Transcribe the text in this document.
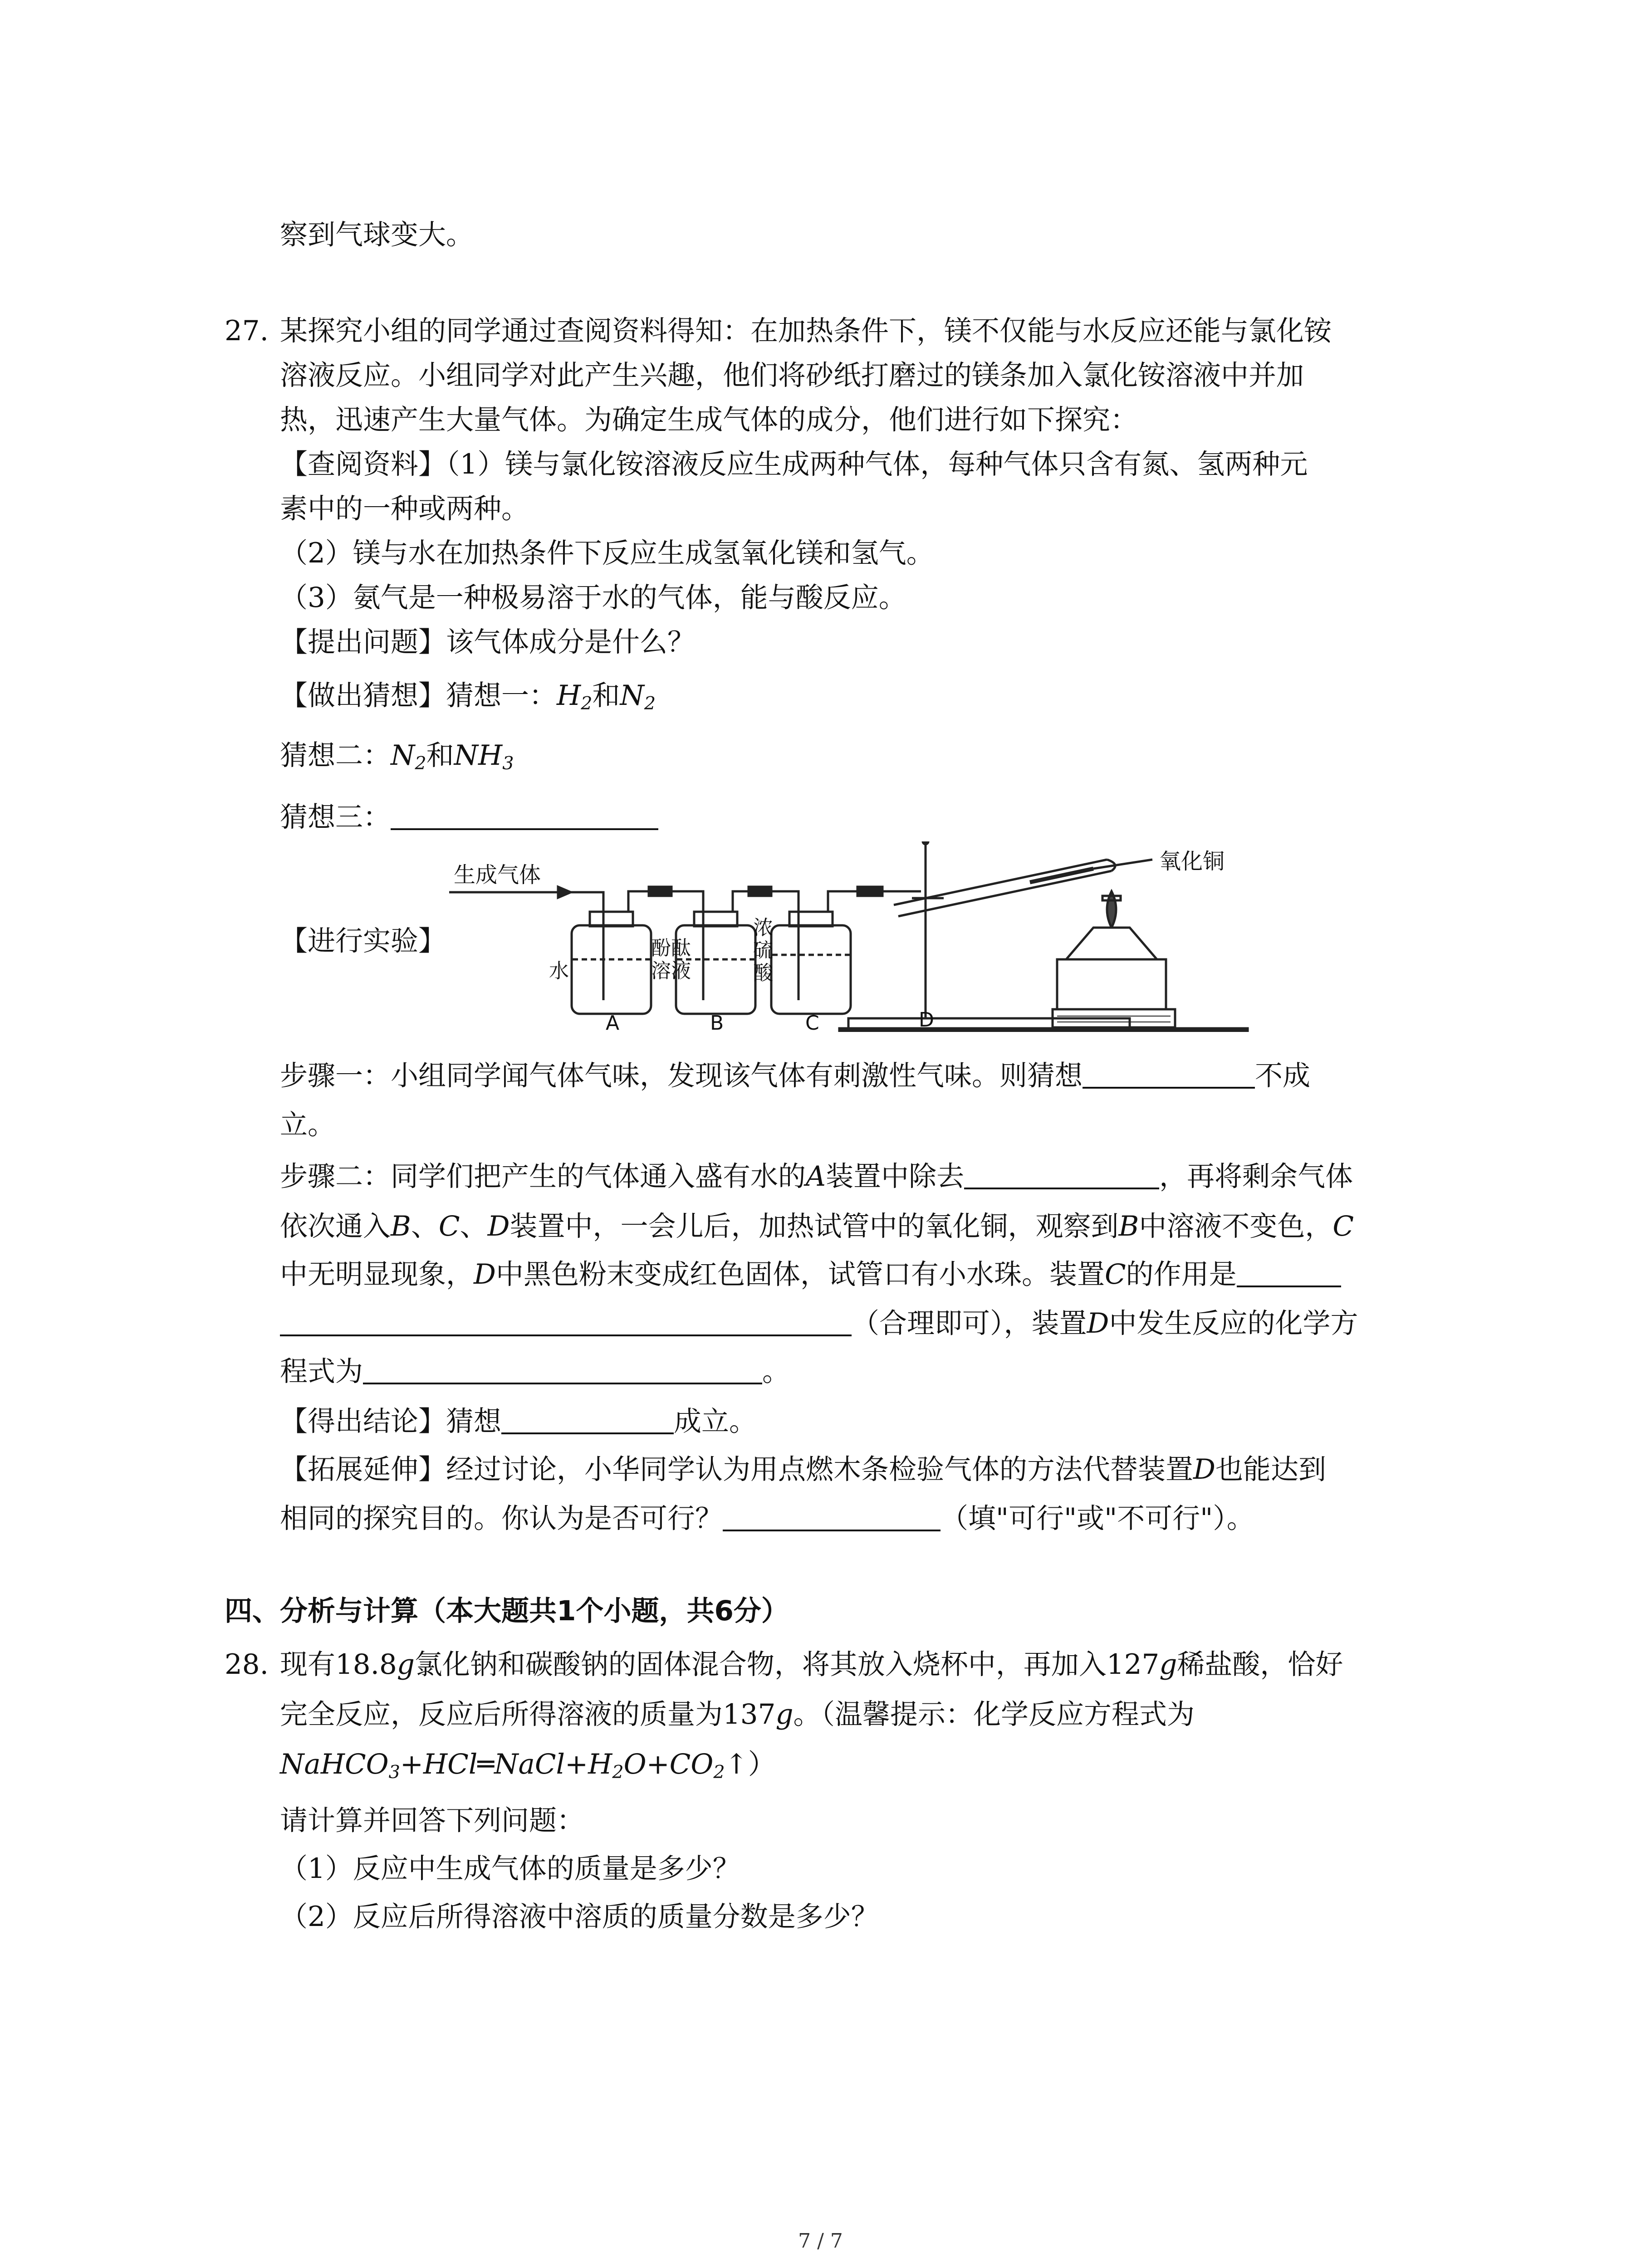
察到气球变大。
27. 某探究小组的同学通过查阅资料得知：在加热条件下，镁不仅能与水反应还能与氯化铵
溶液反应。小组同学对此产生兴趣，他们将砂纸打磨过的镁条加入氯化铵溶液中并加
热，迅速产生大量气体。为确定生成气体的成分，他们进行如下探究：
【查阅资料】（1）镁与氯化铵溶液反应生成两种气体，每种气体只含有氮、氢两种元
素中的一种或两种。
（2）镁与水在加热条件下反应生成氢氧化镁和氢气。
（3）氨气是一种极易溶于水的气体，能与酸反应。
【提出问题】该气体成分是什么？
【做出猜想】猜想一：$H_2$和$N_2$
猜想二：$N_2$和$NH_3$
猜想三：
【进行实验】
生成气体
氧化铜
水
酚酞
溶液
浓
硫
酸
A	B	C	D
步骤一：小组同学闻气体气味，发现该气体有刺激性气味。则猜想	不成
立。
步骤二：同学们把产生的气体通入盛有水的A装置中除去	，再将剩余气体
依次通入B、C、D装置中，一会儿后，加热试管中的氧化铜，观察到B中溶液不变色，C
中无明显现象，D中黑色粉末变成红色固体，试管口有小水珠。装置C的作用是
（合理即可），装置D中发生反应的化学方
程式为	。
【得出结论】猜想	成立。
【拓展延伸】经过讨论，小华同学认为用点燃木条检验气体的方法代替装置D也能达到
相同的探究目的。你认为是否可行？	（填"可行"或"不可行"）。
四、分析与计算（本大题共1个小题，共6分）
28. 现有18.8g氯化钠和碳酸钠的固体混合物，将其放入烧杯中，再加入127g稀盐酸，恰好
完全反应，反应后所得溶液的质量为137g。（温馨提示：化学反应方程式为
$NaHCO_3+HCl═NaCl+H_2O+CO_2↑$）
请计算并回答下列问题：
（1）反应中生成气体的质量是多少？
（2）反应后所得溶液中溶质的质量分数是多少？
7 / 7
